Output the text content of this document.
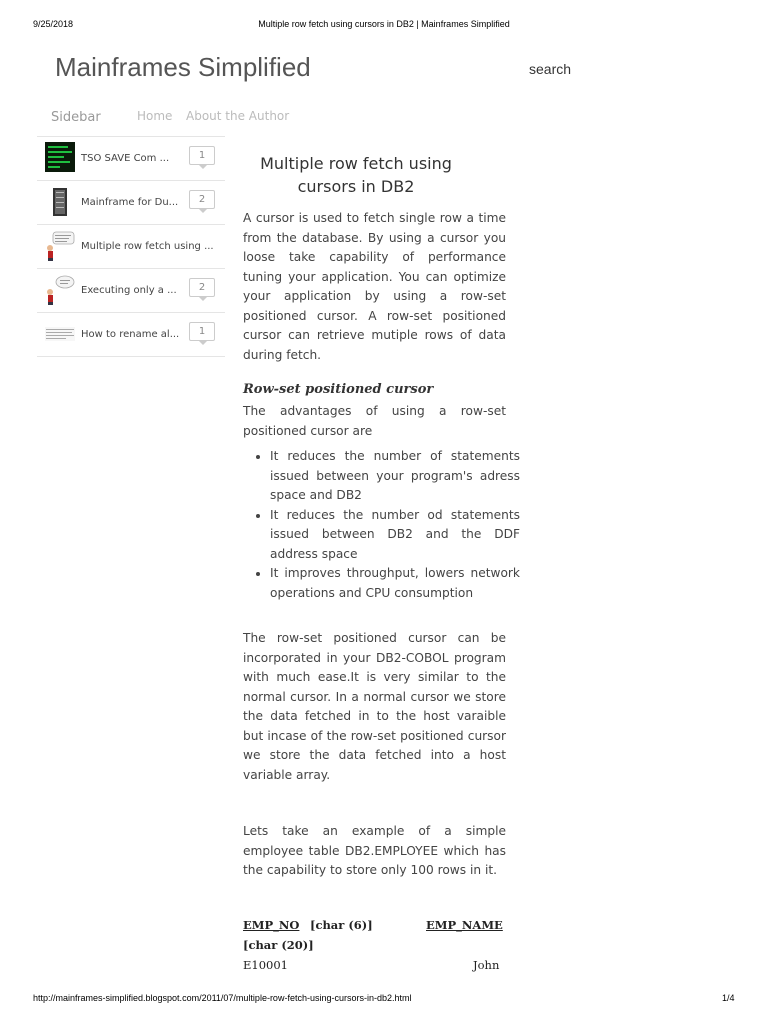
9/25/2018	Multiple row fetch using cursors in DB2 | Mainframes Simplified
Mainframes Simplified	search
Sidebar	Home About the Author
TSO SAVE Com ...	1
Mainframe for Du...	2
Multiple row fetch using ...
Executing only a ...	2
How to rename al...	1
Multiple row fetch using cursors in DB2
A cursor is used to fetch single row a time from the database. By using a cursor you loose take capability of performance tuning your application. You can optimize your application by using a row-set positioned cursor. A row-set positioned cursor can retrieve mutiple rows of data during fetch.
Row-set positioned cursor
The advantages of using a row-set positioned cursor are
• It reduces the number of statements issued between your program's adress space and DB2
• It reduces the number od statements issued between DB2 and the DDF address space
• It improves throughput, lowers network operations and CPU consumption
The row-set positioned cursor can be incorporated in your DB2-COBOL program with much ease.It is very similar to the normal cursor. In a normal cursor we store the data fetched in to the host varaible but incase of the row-set positioned cursor we store the data fetched into a host variable array.
Lets take an example of a simple employee table DB2.EMPLOYEE which has the capability to store only 100 rows in it.
EMP_NO [char (6)]	EMP_NAME
[char (20)]
E10001	John
http://mainframes-simplified.blogspot.com/2011/07/multiple-row-fetch-using-cursors-in-db2.html	1/4
